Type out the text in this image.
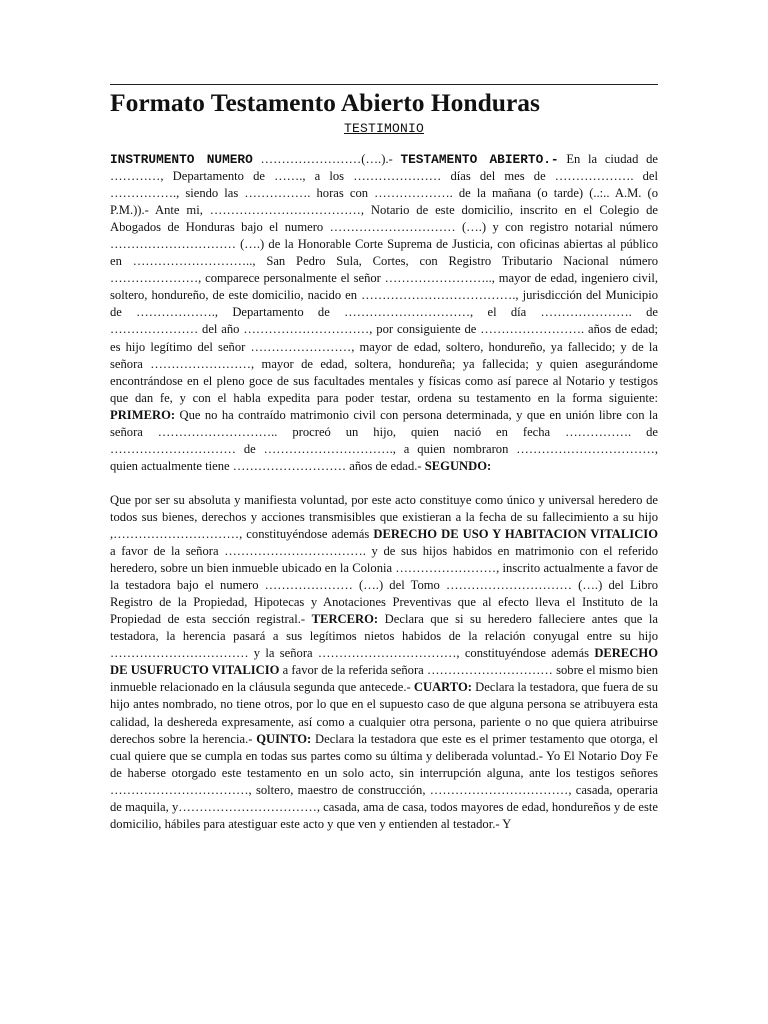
Formato Testamento Abierto Honduras
TESTIMONIO

INSTRUMENTO NUMERO ……………………(….).- TESTAMENTO ABIERTO.- En la ciudad de …………, Departamento de ……., a los ………………… días del mes de ………………. del ……………., siendo las ……………. horas con ………………. de la mañana (o tarde) (..:.. A.M. (o P.M.)).- Ante mi, ………………………………, Notario de este domicilio, inscrito en el Colegio de Abogados de Honduras bajo el numero ………………………… (….) y con registro notarial número ………………………… (….) de la Honorable Corte Suprema de Justicia, con oficinas abiertas al público en ……………………….., San Pedro Sula, Cortes, con Registro Tributario Nacional número …………………, comparece personalmente el señor …………………….., mayor de edad, ingeniero civil, soltero, hondureño, de este domicilio, nacido en ………………………………., jurisdicción del Municipio de ………………., Departamento de …………………………, el día …………………. de ………………… del año …………………………, por consiguiente de ……………………. años de edad; es hijo legítimo del señor ……………………, mayor de edad, soltero, hondureño, ya fallecido; y de la señora ……………………, mayor de edad, soltera, hondureña; ya fallecida; y quien asegurándome encontrándose en el pleno goce de sus facultades mentales y físicas como así parece al Notario y testigos que dan fe, y con el habla expedita para poder testar, ordena su testamento en la forma siguiente: PRIMERO: Que no ha contraído matrimonio civil con persona determinada, y que en unión libre con la señora ……………………….. procreó un hijo, quien nació en fecha ……………. de ………………………… de …………………………., a quien nombraron ……………………………, quien actualmente tiene ……………………… años de edad.- SEGUNDO:

Que por ser su absoluta y manifiesta voluntad, por este acto constituye como único y universal heredero de todos sus bienes, derechos y acciones transmisibles que existieran a la fecha de su fallecimiento a su hijo ,…………………………, constituyéndose además DERECHO DE USO Y HABITACION VITALICIO a favor de la señora ……………………………. y de sus hijos habidos en matrimonio con el referido heredero, sobre un bien inmueble ubicado en la Colonia ……………………, inscrito actualmente a favor de la testadora bajo el numero ………………… (….) del Tomo ………………………… (….) del Libro Registro de la Propiedad, Hipotecas y Anotaciones Preventivas que al efecto lleva el Instituto de la Propiedad de esta sección registral.- TERCERO: Declara que si su heredero falleciere antes que la testadora, la herencia pasará a sus legítimos nietos habidos de la relación conyugal entre su hijo …………………………… y la señora ……………………………, constituyéndose además DERECHO DE USUFRUCTO VITALICIO a favor de la referida señora ………………………… sobre el mismo bien inmueble relacionado en la cláusula segunda que antecede.- CUARTO: Declara la testadora, que fuera de su hijo antes nombrado, no tiene otros, por lo que en el supuesto caso de que alguna persona se atribuyera esta calidad, la deshereda expresamente, así como a cualquier otra persona, pariente o no que quiera atribuirse derechos sobre la herencia.- QUINTO: Declara la testadora que este es el primer testamento que otorga, el cual quiere que se cumpla en todas sus partes como su última y deliberada voluntad.- Yo El Notario Doy Fe de haberse otorgado este testamento en un solo acto, sin interrupción alguna, ante los testigos señores ……………………………, soltero, maestro de construcción, ……………………………, casada, operaria de maquila, y……………………………, casada, ama de casa, todos mayores de edad, hondureños y de este domicilio, hábiles para atestiguar este acto y que ven y entienden al testador.- Y
